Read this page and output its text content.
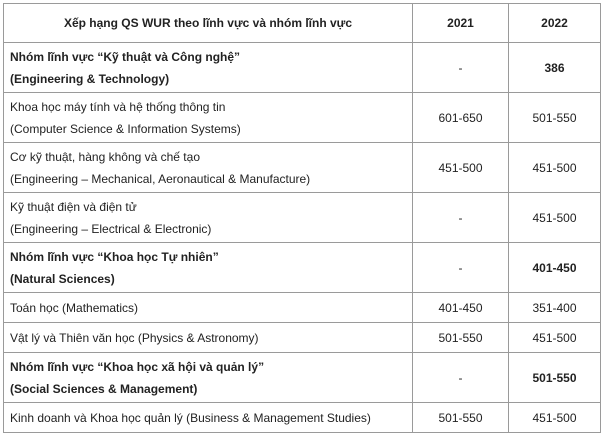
Xếp hạng QS WUR theo lĩnh vực và nhóm lĩnh vực	2021	2022

Nhóm lĩnh vực “Kỹ thuật và Công nghệ”
(Engineering & Technology)	-	386

Khoa học máy tính và hệ thống thông tin
(Computer Science & Information Systems)	601-650	501-550

Cơ kỹ thuật, hàng không và chế tạo
(Engineering – Mechanical, Aeronautical & Manufacture)	451-500	451-500

Kỹ thuật điện và điện tử
(Engineering – Electrical & Electronic)	-	451-500

Nhóm lĩnh vực “Khoa học Tự nhiên”
(Natural Sciences)	-	401-450
Toán học (Mathematics)	401-450	351-400
Vật lý và Thiên văn học (Physics & Astronomy)	501-550	451-500

Nhóm lĩnh vực “Khoa học xã hội và quản lý”
(Social Sciences & Management)	-	501-550
Kinh doanh và Khoa học quản lý (Business & Management Studies)	501-550	451-500
